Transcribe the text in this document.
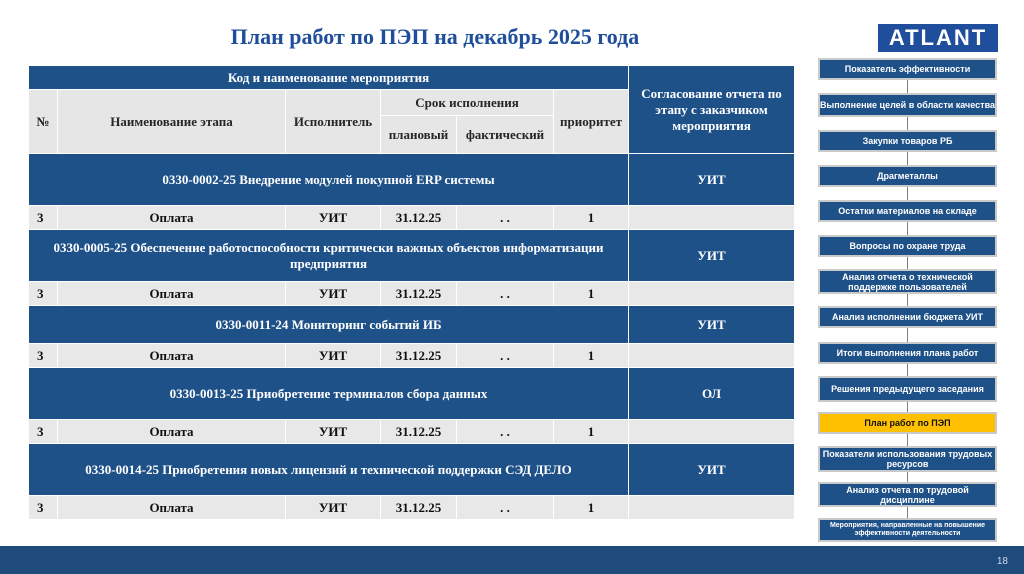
План работ по ПЭП на декабрь 2025 года	ATLANT
Код и наименование мероприятия						Согласование отчета по этапу с заказчиком мероприятия
№	Наименование этапа	Исполнитель	Срок исполнения		приоритет	
			плановый	фактический		
0330-0002-25 Внедрение модулей покупной ERP системы						УИТ
3	Оплата	УИТ	31.12.25	. .	1	
0330-0005-25 Обеспечение работоспособности критически важных объектов информатизации предприятия						УИТ
3	Оплата	УИТ	31.12.25	. .	1	
0330-0011-24 Мониторинг событий ИБ						УИТ
3	Оплата	УИТ	31.12.25	. .	1	
0330-0013-25 Приобретение терминалов сбора данных						ОЛ
3	Оплата	УИТ	31.12.25	. .	1	
0330-0014-25 Приобретения новых лицензий и технической поддержки СЭД ДЕЛО						УИТ
3	Оплата	УИТ	31.12.25	. .	1	
Показатель эффективности
Выполнение целей в области качества
Закупки товаров РБ
Драгметаллы
Остатки материалов на складе
Вопросы по охране труда
Анализ отчета о технической поддержке пользователей
Анализ исполнении бюджета УИТ
Итоги выполнения плана работ
Решения предыдущего заседания
План работ по ПЭП
Показатели использования трудовых ресурсов
Анализ отчета по трудовой дисциплине
Мероприятия, направленные на повышение эффективности деятельности
18
